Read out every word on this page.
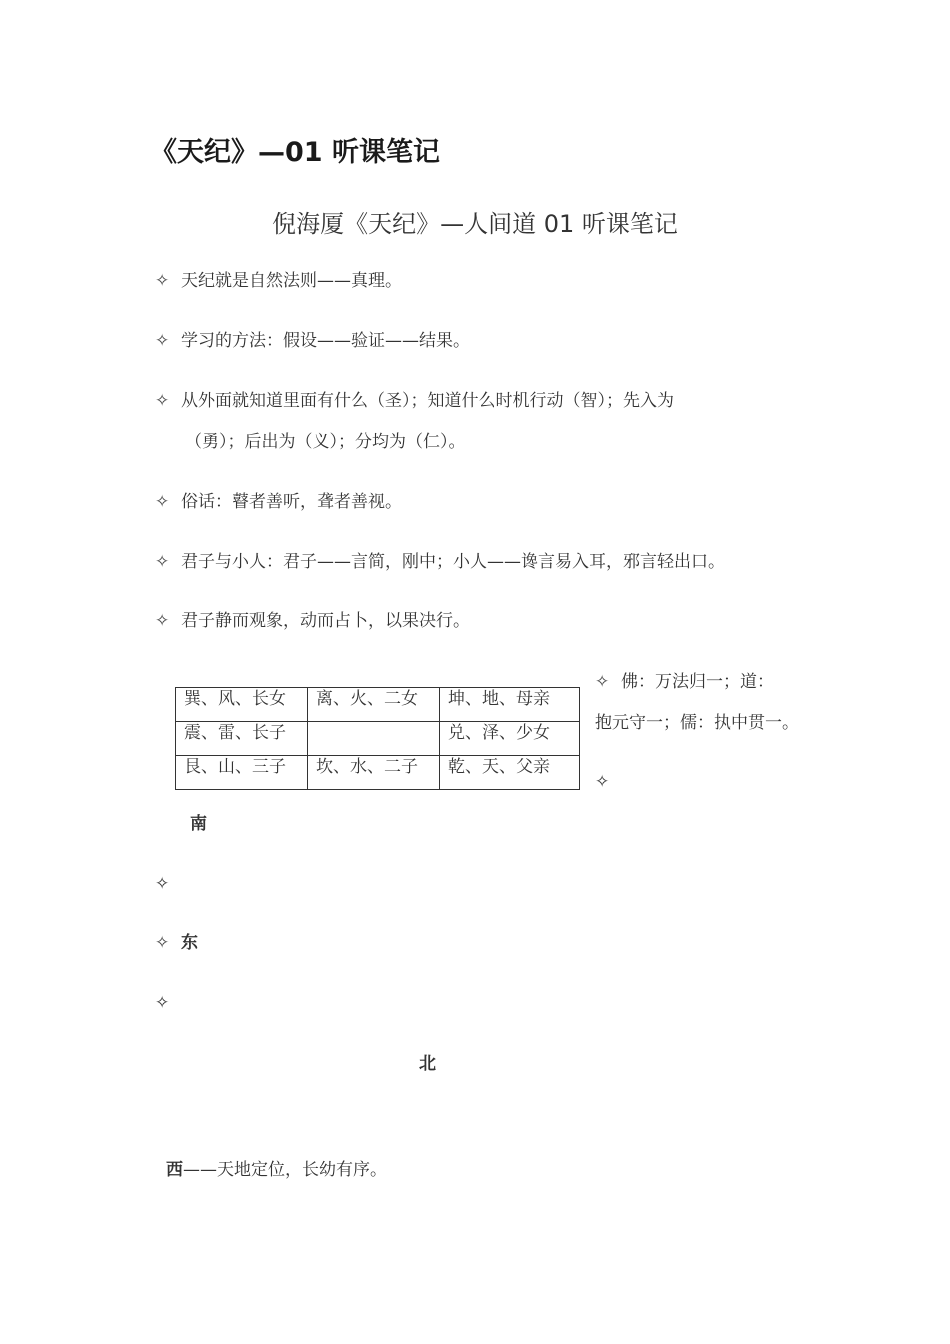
《天纪》—01 听课笔记
倪海厦《天纪》—人间道 01 听课笔记
✧ 天纪就是自然法则——真理。
✧ 学习的方法：假设——验证——结果。
✧ 从外面就知道里面有什么（圣）；知道什么时机行动（智）；先入为
（勇）；后出为（义）；分均为（仁）。
✧ 俗话：瞽者善听，聋者善视。
✧ 君子与小人：君子——言简，刚中；小人——谗言易入耳，邪言轻出口。
✧ 君子静而观象，动而占卜，以果决行。
巽、风、长女	离、火、二女	坤、地、母亲
震、雷、长子		兑、泽、少女
艮、山、三子	坎、水、二子	乾、天、父亲
✧ 佛：万法归一；道：
抱元守一；儒：执中贯一。
✧
南
✧
✧ 东
✧
北
西——天地定位，长幼有序。
